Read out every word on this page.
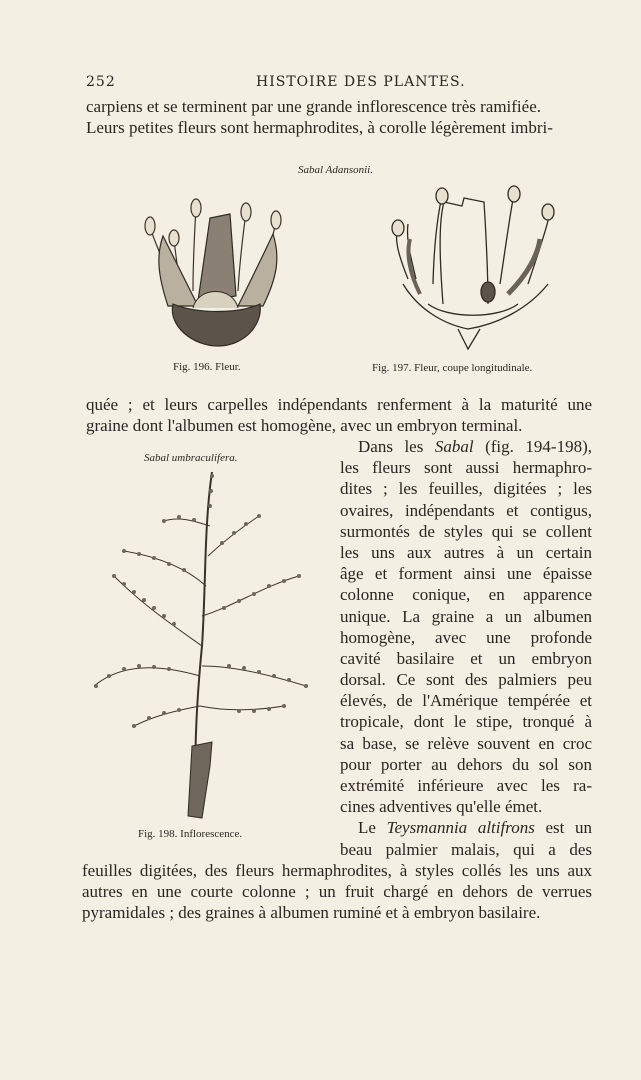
252	HISTOIRE DES PLANTES.
carpiens et se terminent par une grande inflorescence très ramifiée.
Leurs petites fleurs sont hermaphrodites, à corolle légèrement imbri-
Sabal Adansonii.
Fig. 196. Fleur.	Fig. 197. Fleur, coupe longitudinale.
quée ; et leurs carpelles indépendants renferment à la maturité une
graine dont l'albumen est homogène, avec un embryon terminal.
Sabal umbraculifera.
Fig. 198. Inflorescence.
Dans les Sabal (fig. 194-198),
les fleurs sont aussi hermaphro-
dites ; les feuilles, digitées ; les
ovaires, indépendants et contigus,
surmontés de styles qui se collent
les uns aux autres à un certain
âge et forment ainsi une épaisse
colonne conique, en apparence
unique. La graine a un albumen
homogène, avec une profonde
cavité basilaire et un embryon
dorsal. Ce sont des palmiers peu
élevés, de l'Amérique tempérée et
tropicale, dont le stipe, tronqué à
sa base, se relève souvent en croc
pour porter au dehors du sol son
extrémité inférieure avec les ra-
cines adventives qu'elle émet.
Le Teysmannia altifrons est un
beau palmier malais, qui a des
feuilles digitées, des fleurs hermaphrodites, à styles collés les uns aux
autres en une courte colonne ; un fruit chargé en dehors de verrues
pyramidales ; des graines à albumen ruminé et à embryon basilaire.
